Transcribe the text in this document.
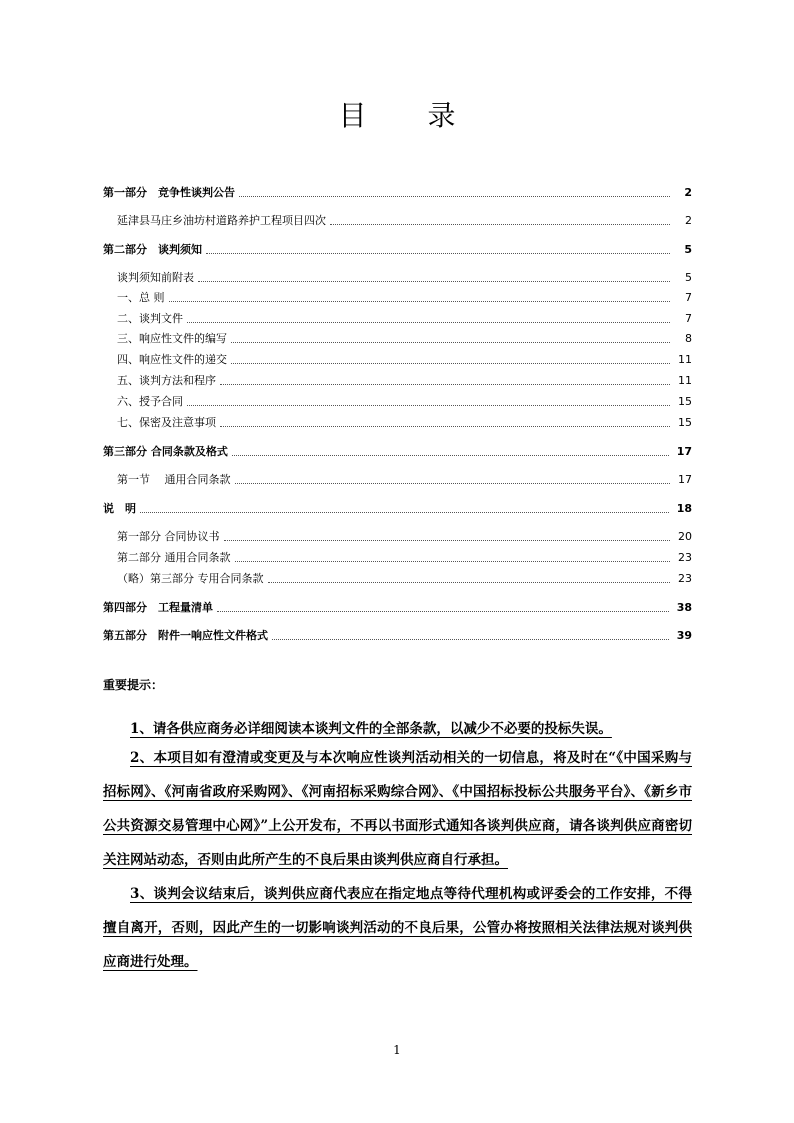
目 录
第一部分　竞争性谈判公告	2
延津县马庄乡油坊村道路养护工程项目四次	2
第二部分　谈判须知	5
谈判须知前附表	5
一、总 则	7
二、谈判文件	7
三、响应性文件的编写	8
四、响应性文件的递交	11
五、谈判方法和程序	11
六、授予合同	15
七、保密及注意事项	15
第三部分 合同条款及格式	17
第一节　 通用合同条款	17
说　明	18
第一部分 合同协议书	20
第二部分 通用合同条款	23
（略）第三部分 专用合同条款	23
第四部分　工程量清单	38
第五部分　附件一响应性文件格式	39
重要提示：
1、请各供应商务必详细阅读本谈判文件的全部条款，以减少不必要的投标失误。
2、本项目如有澄清或变更及与本次响应性谈判活动相关的一切信息，将及时在“《中国采购与招标网》、《河南省政府采购网》、《河南招标采购综合网》、《中国招标投标公共服务平台》、《新乡市公共资源交易管理中心网》”上公开发布，不再以书面形式通知各谈判供应商，请各谈判供应商密切关注网站动态，否则由此所产生的不良后果由谈判供应商自行承担。
3、谈判会议结束后，谈判供应商代表应在指定地点等待代理机构或评委会的工作安排，不得擅自离开，否则，因此产生的一切影响谈判活动的不良后果，公管办将按照相关法律法规对谈判供应商进行处理。
1
